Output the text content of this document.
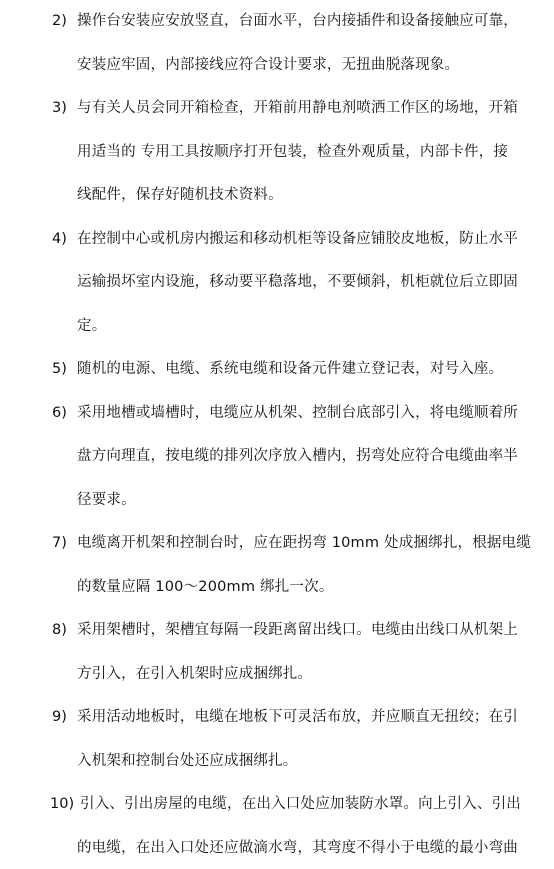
2) 操作台安装应安放竖直，台面水平，台内接插件和设备接触应可靠，
安装应牢固，内部接线应符合设计要求，无扭曲脱落现象。
3) 与有关人员会同开箱检查，开箱前用静电剂喷洒工作区的场地，开箱
用适当的 专用工具按顺序打开包装，检查外观质量，内部卡件，接
线配件，保存好随机技术资料。
4) 在控制中心或机房内搬运和移动机柜等设备应铺胶皮地板，防止水平
运输损坏室内设施，移动要平稳落地，不要倾斜，机柜就位后立即固
定。
5) 随机的电源、电缆、系统电缆和设备元件建立登记表，对号入座。
6) 采用地槽或墙槽时，电缆应从机架、控制台底部引入，将电缆顺着所
盘方向理直，按电缆的排列次序放入槽内，拐弯处应符合电缆曲率半
径要求。
7) 电缆离开机架和控制台时，应在距拐弯 10mm 处成捆绑扎，根据电缆
的数量应隔 100～200mm 绑扎一次。
8) 采用架槽时，架槽宜每隔一段距离留出线口。电缆由出线口从机架上
方引入，在引入机架时应成捆绑扎。
9) 采用活动地板时，电缆在地板下可灵活布放，并应顺直无扭绞；在引
入机架和控制台处还应成捆绑扎。
10) 引入、引出房屋的电缆，在出入口处应加装防水罩。向上引入、引出
的电缆，在出入口处还应做滴水弯，其弯度不得小于电缆的最小弯曲
